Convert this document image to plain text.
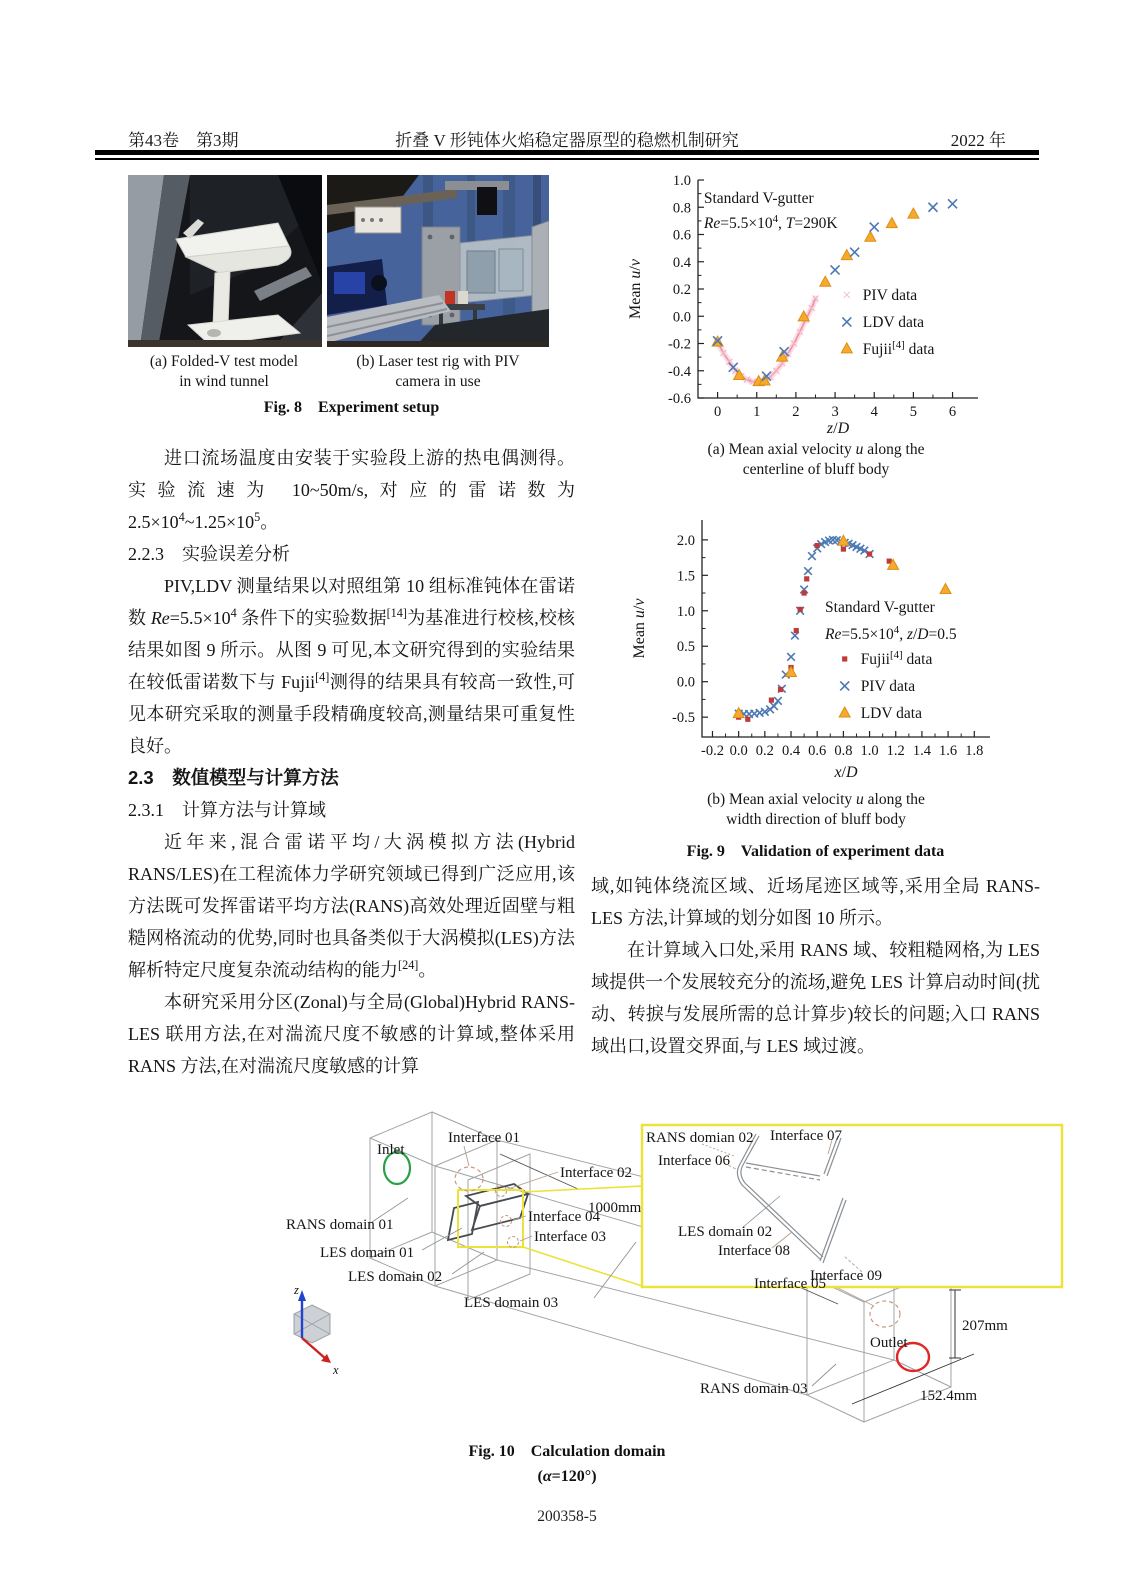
第43卷　第3期	折叠 V 形钝体火焰稳定器原型的稳燃机制研究	2022 年
(a) Folded-V test model
in wind tunnel
(b) Laser test rig with PIV
camera in use
Fig. 8　Experiment setup

进口流场温度由安装于实验段上游的热电偶测得。实验流速为 10~50m/s,对应的雷诺数为 $2.5\times 10^4\sim 1.25\times 10^5$。

2.2.3　实验误差分析

PIV,LDV 测量结果以对照组第 10 组标准钝体在雷诺数 $Re=5.5\times 10^4$ 条件下的实验数据[14]为基准进行校核,校核结果如图 9 所示。从图 9 可见,本文研究得到的实验结果在较低雷诺数下与 Fujii[4]测得的结果具有较高一致性,可见本研究采取的测量手段精确度较高,测量结果可重复性良好。

2.3　数值模型与计算方法
2.3.1　计算方法与计算域

近年来,混合雷诺平均/大涡模拟方法(Hybrid RANS/LES)在工程流体力学研究领域已得到广泛应用,该方法既可发挥雷诺平均方法(RANS)高效处理近固壁与粗糙网格流动的优势,同时也具备类似于大涡模拟(LES)方法解析特定尺度复杂流动结构的能力[24]。

本研究采用分区(Zonal)与全局(Global)Hybrid RANS-LES 联用方法,在对湍流尺度不敏感的计算域,整体采用 RANS 方法,在对湍流尺度敏感的计算

0 1 2 3 4 5 6
-0.6
-0.4
-0.2
0.0
0.2
0.4
0.6
0.8
1.0
z/D
Mean u/v
Standard V-gutter
$Re=5.5\times 10^4$, T=290K
PIV data
LDV data
Fujii[4] data
(a) Mean axial velocity u along the
centerline of bluff body
-0.2 0.0 0.2 0.4 0.6 0.8 1.0 1.2 1.4 1.6 1.8
-0.5
0.0
0.5
1.0
1.5
2.0
x/D
Mean u/v	Standard V-gutter
$Re=5.5\times 10^4$, z/D=0.5
Fujii[4] data
PIV data
LDV data
(b) Mean axial velocity u along the
width direction of bluff body
Fig. 9　Validation of experiment data

域,如钝体绕流区域、近场尾迹区域等,采用全局 RANS-LES 方法,计算域的划分如图 10 所示。

在计算域入口处,采用 RANS 域、较粗糙网格,为 LES 域提供一个发展较充分的流场,避免 LES 计算启动时间(扰动、转捩与发展所需的总计算步)较长的问题;入口 RANS 域出口,设置交界面,与 LES 域过渡。

1000mm
207mm
152.4mm
z
x
Inlet
Interface 01
Interface 02
Interface 04
Interface 03
RANS domain 01
LES domain 01
LES domain 02
RANS domian 02
Interface 06
Interface 07
LES domain 02
Interface 08
Interface 09
Interface 05
LES domain 03
Outlet
RANS domain 03
Fig. 10　Calculation domain
(α=120°)
200358-5
